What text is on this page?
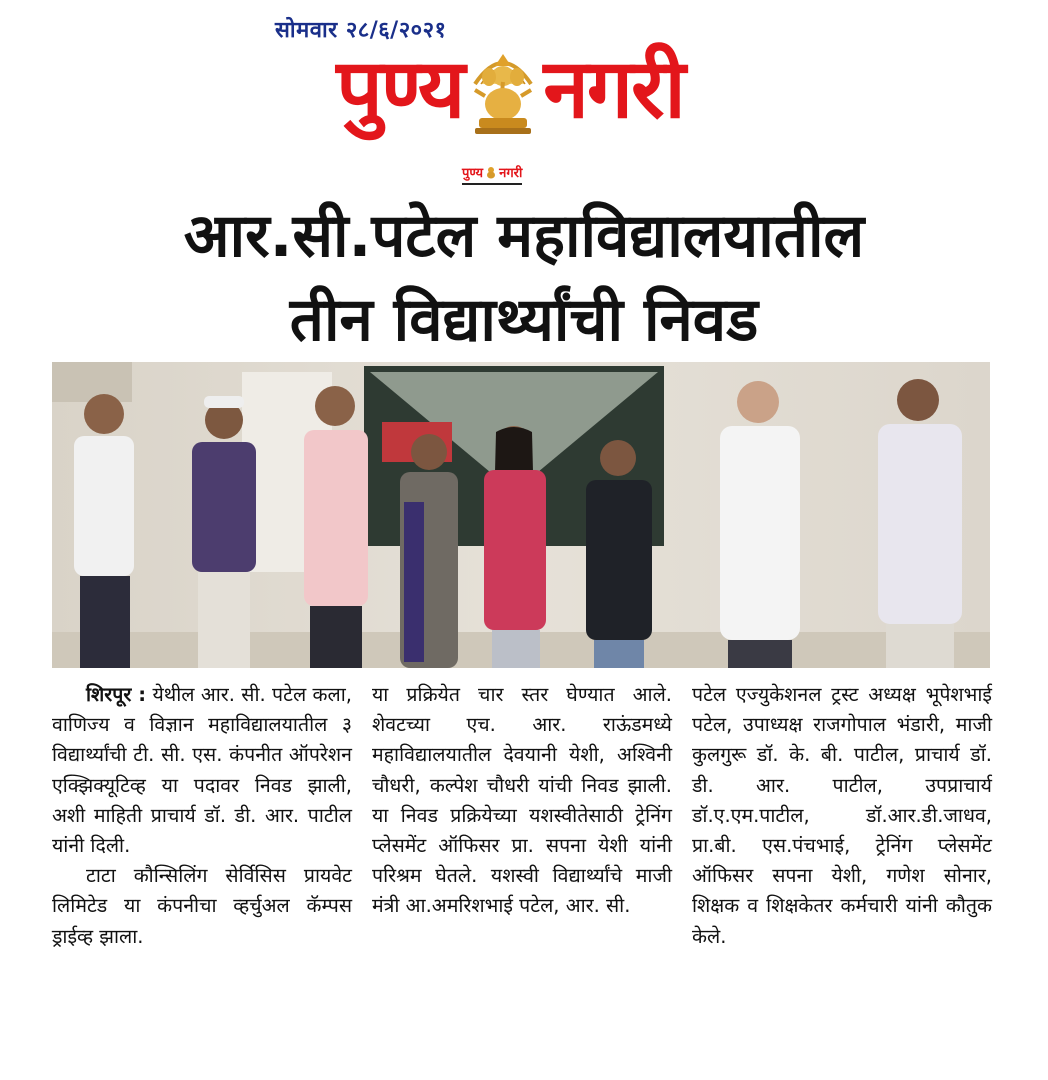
सोमवार २८/६/२०२१
पुण्य नगरी
पुण्य नगरी
आर.सी.पटेल महाविद्यालयातील
तीन विद्यार्थ्यांची निवड

शिरपूर : येथील आर. सी. पटेल कला, वाणिज्य व विज्ञान महाविद्यालयातील ३ विद्यार्थ्यांची टी. सी. एस. कंपनीत ऑपरेशन एक्झिक्यूटिव्ह या पदावर निवड झाली, अशी माहिती प्राचार्य डॉ. डी. आर. पाटील यांनी दिली.

टाटा कौन्सिलिंग सेर्विसिस प्रायवेट लिमिटेड या कंपनीचा व्हर्चुअल कॅम्पस ड्राईव्ह झाला.

या प्रक्रियेत चार स्तर घेण्यात आले. शेवटच्या एच. आर. राऊंडमध्ये महाविद्यालयातील देवयानी येशी, अश्विनी चौधरी, कल्पेश चौधरी यांची निवड झाली. या निवड प्रक्रियेच्या यशस्वीतेसाठी ट्रेनिंग प्लेसमेंट ऑफिसर प्रा. सपना येशी यांनी परिश्रम घेतले. यशस्वी विद्यार्थ्यांचे माजी मंत्री आ.अमरिशभाई पटेल, आर. सी.

पटेल एज्युकेशनल ट्रस्ट अध्यक्ष भूपेशभाई पटेल, उपाध्यक्ष राजगोपाल भंडारी, माजी कुलगुरू डॉ. के. बी. पाटील, प्राचार्य डॉ. डी. आर. पाटील, उपप्राचार्य डॉ.ए.एम.पाटील, डॉ.आर.डी.जाधव, प्रा.बी. एस.पंचभाई, ट्रेनिंग प्लेसमेंट ऑफिसर सपना येशी, गणेश सोनार, शिक्षक व शिक्षकेतर कर्मचारी यांनी कौतुक केले.
